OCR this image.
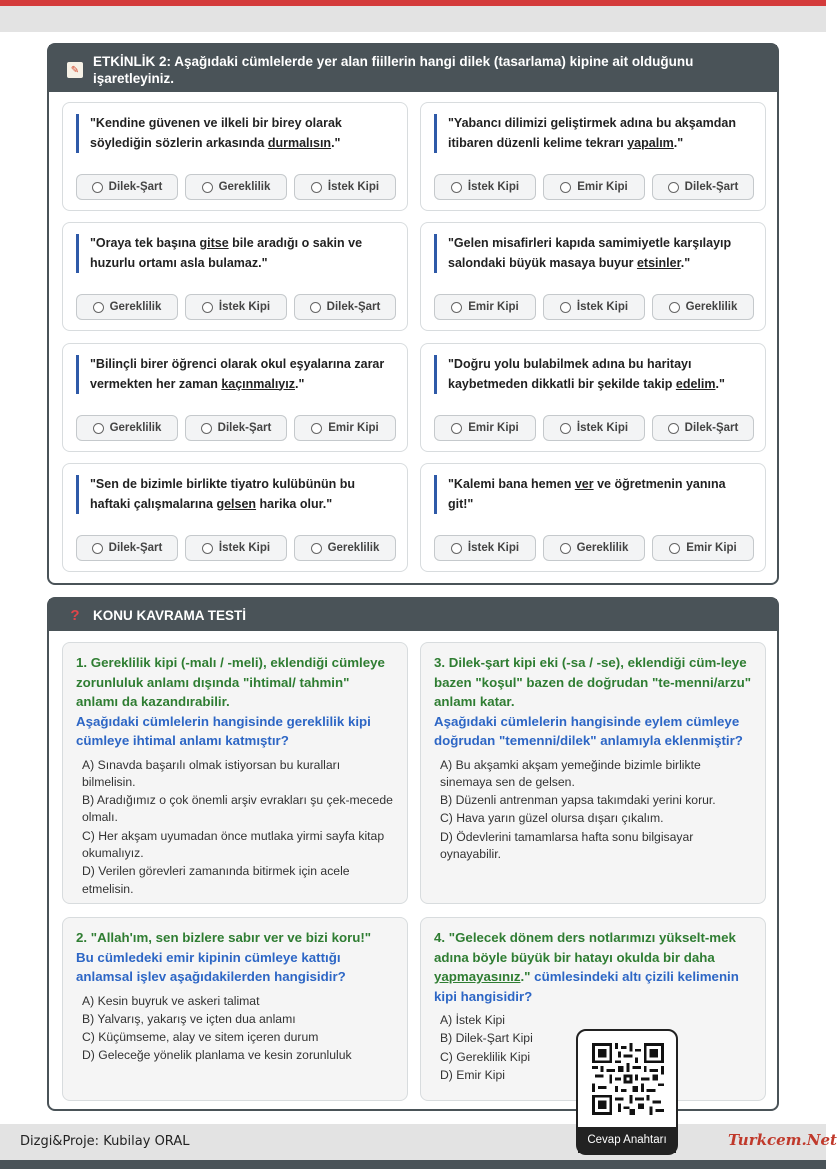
✎
ETKİNLİK 2: Aşağıdaki cümlelerde yer alan fiillerin hangi dilek (tasarlama) kipine ait olduğunu işaretleyiniz.
"Kendine güvenen ve ilkeli bir birey olarak söylediğin sözlerin arkasında durmalısın."
Dilek-Şart	Gereklilik	İstek Kipi
"Yabancı dilimizi geliştirmek adına bu akşamdan itibaren düzenli kelime tekrarı yapalım."
İstek Kipi	Emir Kipi	Dilek-Şart
"Oraya tek başına gitse bile aradığı o sakin ve huzurlu ortamı asla bulamaz."
Gereklilik	İstek Kipi	Dilek-Şart
"Gelen misafirleri kapıda samimiyetle karşılayıp salondaki büyük masaya buyur etsinler."
Emir Kipi	İstek Kipi	Gereklilik
"Bilinçli birer öğrenci olarak okul eşyalarına zarar vermekten her zaman kaçınmalıyız."
Gereklilik	Dilek-Şart	Emir Kipi
"Doğru yolu bulabilmek adına bu haritayı kaybetmeden dikkatli bir şekilde takip edelim."
Emir Kipi	İstek Kipi	Dilek-Şart
"Sen de bizimle birlikte tiyatro kulübünün bu haftaki çalışmalarına gelsen harika olur."
Dilek-Şart	İstek Kipi	Gereklilik
"Kalemi bana hemen ver ve öğretmenin yanına git!"
İstek Kipi	Gereklilik	Emir Kipi
? KONU KAVRAMA TESTİ
1. Gereklilik kipi (-malı / -meli), eklendiği cümleye zorunluluk anlamı dışında "ihtimal/ tahmin" anlamı da kazandırabilir.
Aşağıdaki cümlelerin hangisinde gereklilik kipi cümleye ihtimal anlamı katmıştır?
A) Sınavda başarılı olmak istiyorsan bu kuralları bilmelisin.
B) Aradığımız o çok önemli arşiv evrakları şu çek-mecede olmalı.
C) Her akşam uyumadan önce mutlaka yirmi sayfa kitap okumalıyız.
D) Verilen görevleri zamanında bitirmek için acele etmelisin.
3. Dilek-şart kipi eki (-sa / -se), eklendiği cüm-leye bazen "koşul" bazen de doğrudan "te-menni/arzu" anlamı katar.
Aşağıdaki cümlelerin hangisinde eylem cümleye doğrudan "temenni/dilek" anlamıyla eklenmiştir?
A) Bu akşamki akşam yemeğinde bizimle birlikte sinemaya sen de gelsen.
B) Düzenli antrenman yapsa takımdaki yerini korur.
C) Hava yarın güzel olursa dışarı çıkalım.
D) Ödevlerini tamamlarsa hafta sonu bilgisayar oynayabilir.
2. "Allah'ım, sen bizlere sabır ver ve bizi koru!"
Bu cümledeki emir kipinin cümleye kattığı anlamsal işlev aşağıdakilerden hangisidir?
A) Kesin buyruk ve askeri talimat
B) Yalvarış, yakarış ve içten dua anlamı
C) Küçümseme, alay ve sitem içeren durum
D) Geleceğe yönelik planlama ve kesin zorunluluk
4. "Gelecek dönem ders notlarımızı yükselt-mek adına böyle büyük bir hatayı okulda bir daha yapmayasınız." cümlesindeki altı çizili kelimenin kipi hangisidir?
A) İstek Kipi
B) Dilek-Şart Kipi
C) Gereklilik Kipi
D) Emir Kipi
Dizgi&Proje: Kubilay ORAL	Turkcem.Net
Cevap Anahtarı
